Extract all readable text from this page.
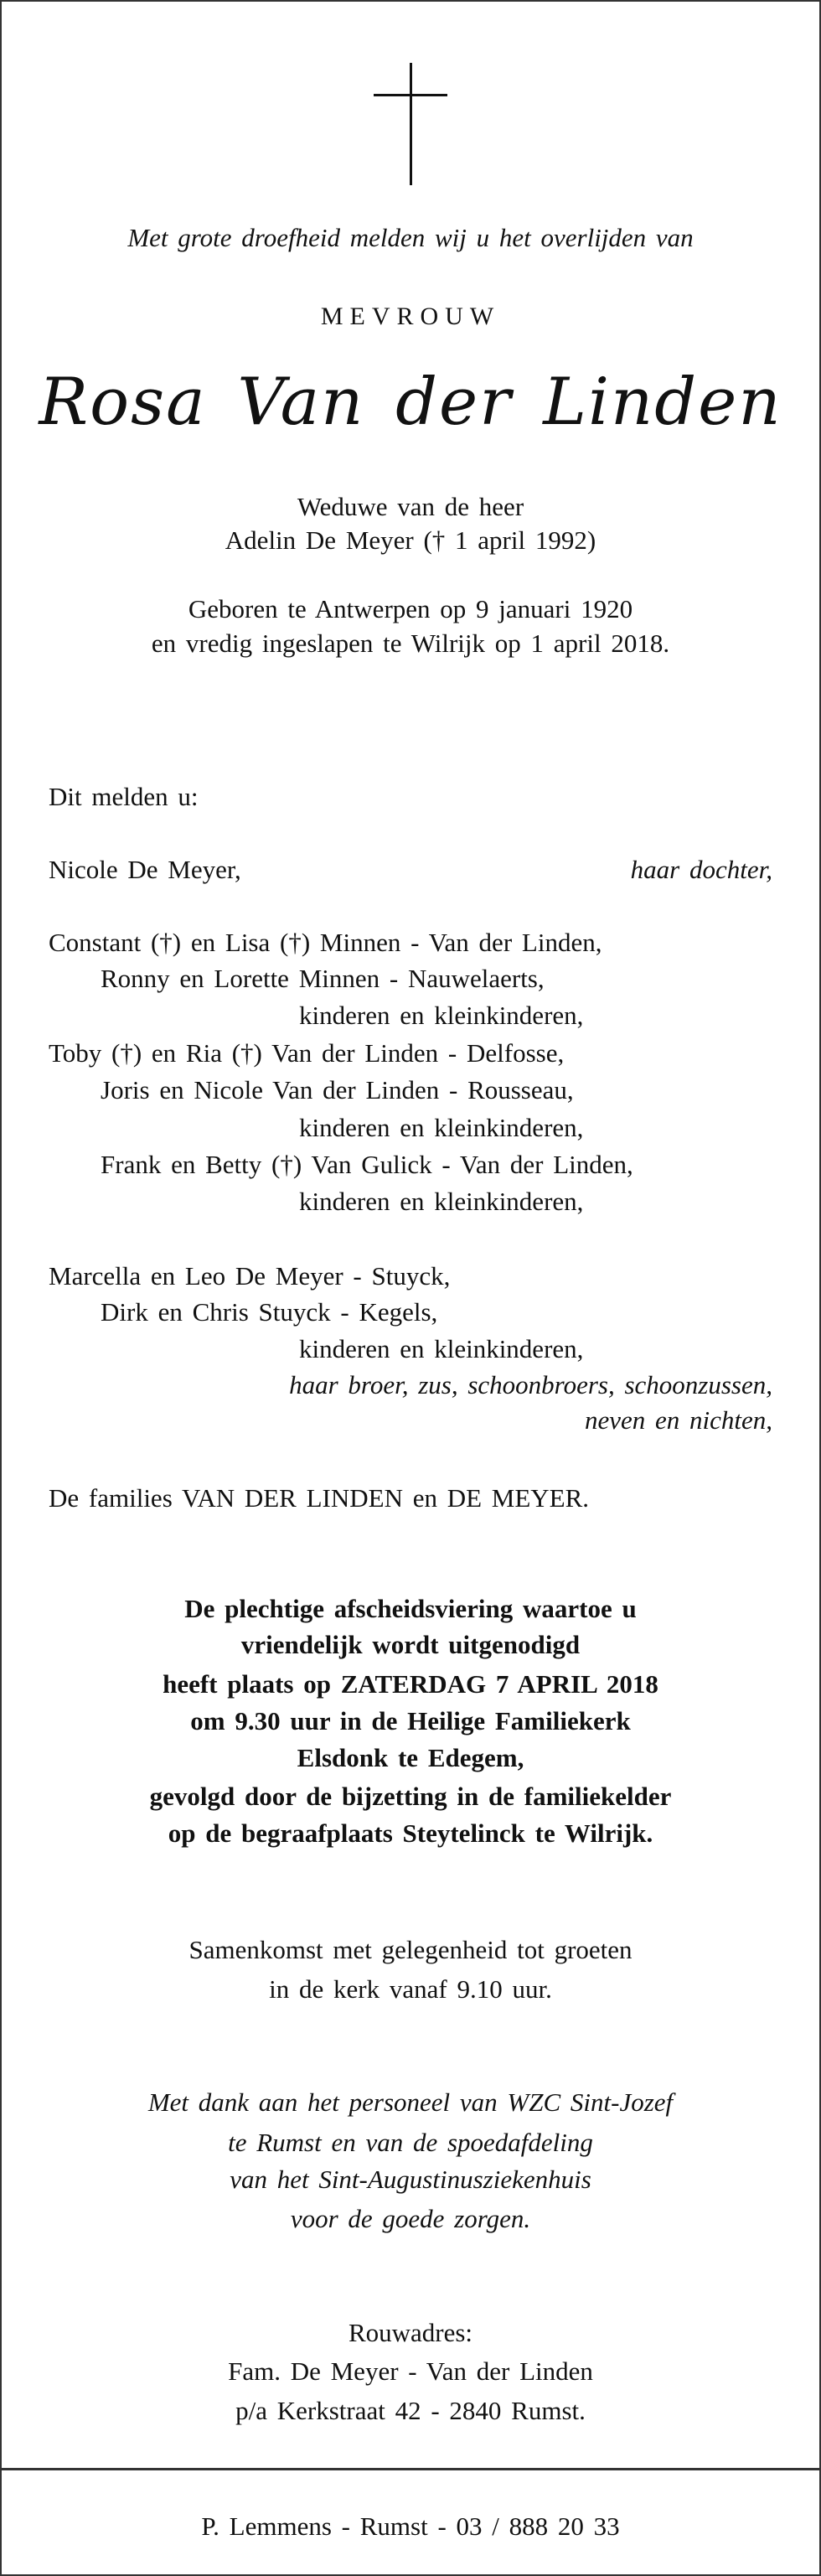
Met grote droefheid melden wij u het overlijden van
MEVROUW
Rosa Van der Linden
Weduwe van de heer
Adelin De Meyer († 1 april 1992)
Geboren te Antwerpen op 9 januari 1920
en vredig ingeslapen te Wilrijk op 1 april 2018.
Dit melden u:
Nicole De Meyer,	haar dochter,
Constant (†) en Lisa (†) Minnen - Van der Linden,
Ronny en Lorette Minnen - Nauwelaerts,
kinderen en kleinkinderen,
Toby (†) en Ria (†) Van der Linden - Delfosse,
Joris en Nicole Van der Linden - Rousseau,
kinderen en kleinkinderen,
Frank en Betty (†) Van Gulick - Van der Linden,
kinderen en kleinkinderen,
Marcella en Leo De Meyer - Stuyck,
Dirk en Chris Stuyck - Kegels,
kinderen en kleinkinderen,
haar broer, zus, schoonbroers, schoonzussen,
neven en nichten,
De families VAN DER LINDEN en DE MEYER.
De plechtige afscheidsviering waartoe u
vriendelijk wordt uitgenodigd
heeft plaats op ZATERDAG 7 APRIL 2018
om 9.30 uur in de Heilige Familiekerk
Elsdonk te Edegem,
gevolgd door de bijzetting in de familiekelder
op de begraafplaats Steytelinck te Wilrijk.
Samenkomst met gelegenheid tot groeten
in de kerk vanaf 9.10 uur.
Met dank aan het personeel van WZC Sint-Jozef
te Rumst en van de spoedafdeling
van het Sint-Augustinusziekenhuis
voor de goede zorgen.
Rouwadres:
Fam. De Meyer - Van der Linden
p/a Kerkstraat 42 - 2840 Rumst.
P. Lemmens - Rumst - 03 / 888 20 33
